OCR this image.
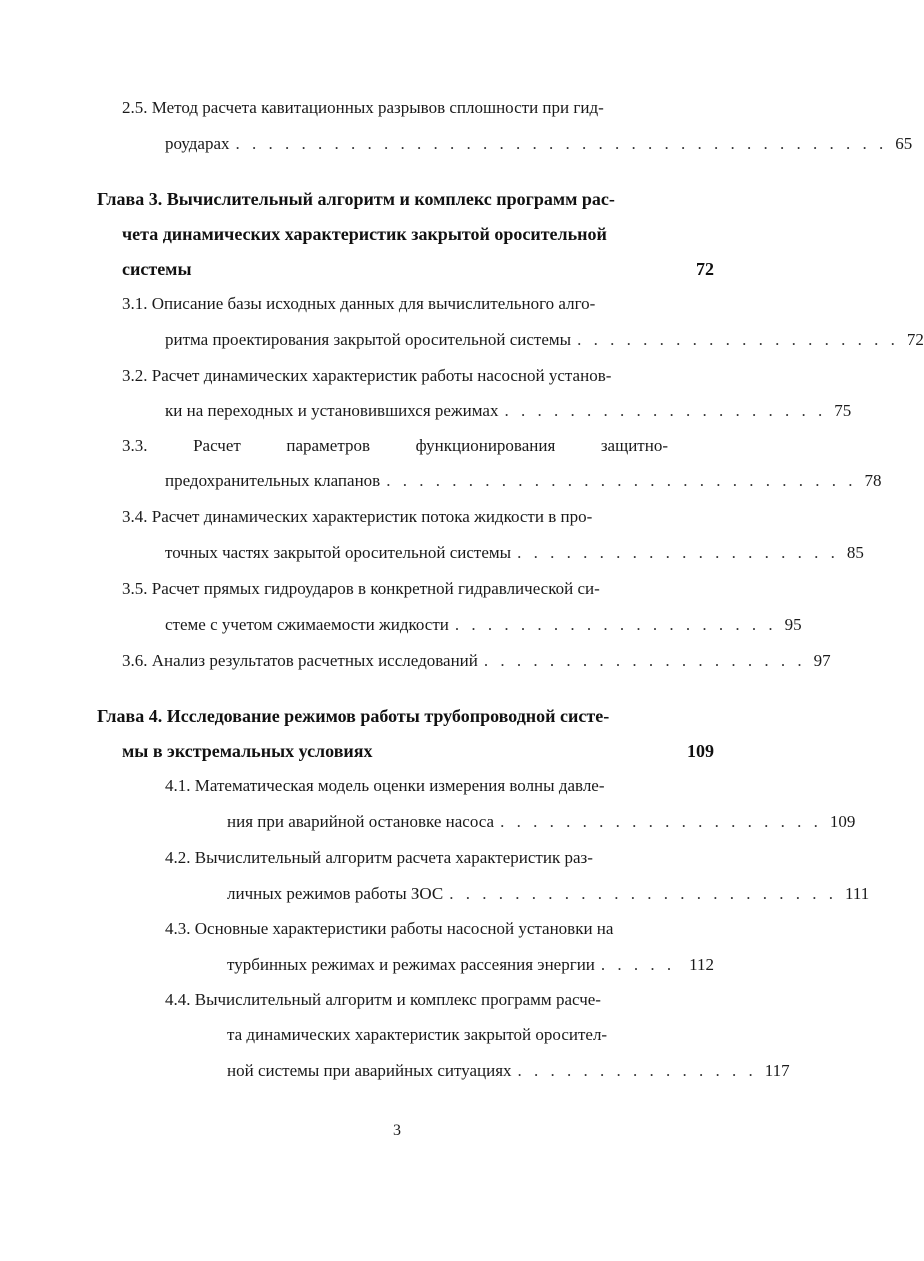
2.5. Метод расчета кавитационных разрывов сплошности при гид-
роударах . . . . . . . . . . . . . . . . . . . . . . . . . . . . . . . . . . . . . . . . 65
Глава 3. Вычислительный алгоритм и комплекс программ рас-
чета динамических характеристик закрытой оросительной
системы	72
3.1. Описание базы исходных данных для вычислительного алго-
ритма проектирования закрытой оросительной системы . . . . . . . . . . . . . . . . . . . . 72
3.2. Расчет динамических характеристик работы насосной установ-
ки на переходных и установившихся режимах . . . . . . . . . . . . . . . . . . . . 75
3.3.	Расчет	параметров	функционирования	защитно-
предохранительных клапанов . . . . . . . . . . . . . . . . . . . . . . . . . . . . . 78
3.4. Расчет динамических характеристик потока жидкости в про-
точных частях закрытой оросительной системы . . . . . . . . . . . . . . . . . . . . 85
3.5. Расчет прямых гидроударов в конкретной гидравлической си-
стеме с учетом сжимаемости жидкости . . . . . . . . . . . . . . . . . . . . 95
3.6. Анализ результатов расчетных исследований . . . . . . . . . . . . . . . . . . . . 97
Глава 4. Исследование режимов работы трубопроводной систе-
мы в экстремальных условиях	109
4.1. Математическая модель оценки измерения волны давле-
ния при аварийной остановке насоса . . . . . . . . . . . . . . . . . . . . 109
4.2. Вычислительный алгоритм расчета характеристик раз-
личных режимов работы ЗОС . . . . . . . . . . . . . . . . . . . . . . . . 111
4.3. Основные характеристики работы насосной установки на
турбинных режимах и режимах рассеяния энергии . . . . . 112
4.4. Вычислительный алгоритм и комплекс программ расче-
та динамических характеристик закрытой оросител-
ной системы при аварийных ситуациях . . . . . . . . . . . . . . . 117
3
